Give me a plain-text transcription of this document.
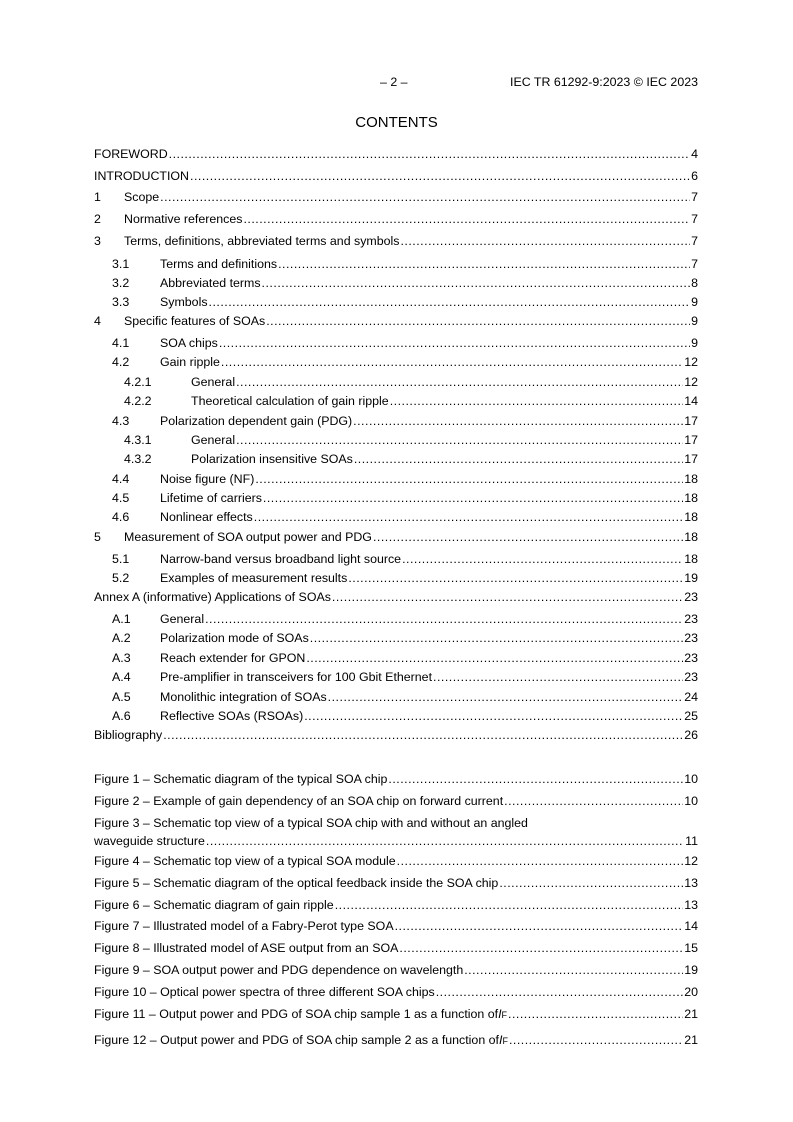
– 2 –	IEC TR 61292-9:2023 © IEC 2023
CONTENTS
FOREWORD .....	4
INTRODUCTION .....	6
1	Scope .....	7
2	Normative references .....	7
3	Terms, definitions, abbreviated terms and symbols .....	7
3.1	Terms and definitions .....	7
3.2	Abbreviated terms .....	8
3.3	Symbols .....	9
4	Specific features of SOAs .....	9
4.1	SOA chips .....	9
4.2	Gain ripple .....	12
4.2.1	General .....	12
4.2.2	Theoretical calculation of gain ripple .....	14
4.3	Polarization dependent gain (PDG) .....	17
4.3.1	General .....	17
4.3.2	Polarization insensitive SOAs .....	17
4.4	Noise figure (NF) .....	18
4.5	Lifetime of carriers .....	18
4.6	Nonlinear effects .....	18
5	Measurement of SOA output power and PDG .....	18
5.1	Narrow-band versus broadband light source .....	18
5.2	Examples of measurement results .....	19
Annex A (informative) Applications of SOAs .....	23
A.1	General .....	23
A.2	Polarization mode of SOAs .....	23
A.3	Reach extender for GPON .....	23
A.4	Pre-amplifier in transceivers for 100 Gbit Ethernet .....	23
A.5	Monolithic integration of SOAs .....	24
A.6	Reflective SOAs (RSOAs) .....	25
Bibliography .....	26
Figure 1 – Schematic diagram of the typical SOA chip .....	10
Figure 2 – Example of gain dependency of an SOA chip on forward current .....	10
Figure 3 – Schematic top view of a typical SOA chip with and without an angled
waveguide structure .....	11
Figure 4 – Schematic top view of a typical SOA module .....	12
Figure 5 – Schematic diagram of the optical feedback inside the SOA chip .....	13
Figure 6 – Schematic diagram of gain ripple .....	13
Figure 7 – Illustrated model of a Fabry-Perot type SOA .....	14
Figure 8 – Illustrated model of ASE output from an SOA .....	15
Figure 9 – SOA output power and PDG dependence on wavelength .....	19
Figure 10 – Optical power spectra of three different SOA chips .....	20
Figure 11 – Output power and PDG of SOA chip sample 1 as a function of I F .....	21
Figure 12 – Output power and PDG of SOA chip sample 2 as a function of I F .....	21
